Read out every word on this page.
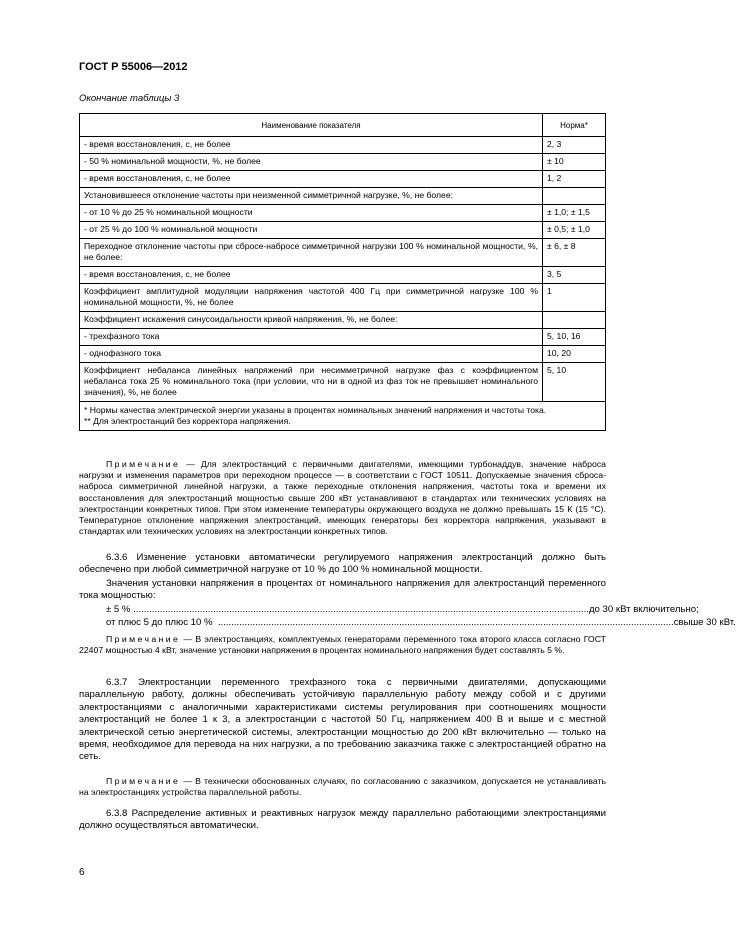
ГОСТ Р 55006—2012
Окончание таблицы 3
Наименование показателя	Норма*
- время восстановления, с, не более	2, 3
- 50 % номинальной мощности, %, не более	± 10
- время восстановления, с, не более	1, 2
Установившееся отклонение частоты при неизменной симметричной нагрузке, %, не более:	
- от 10 % до 25 % номинальной мощности	± 1,0; ± 1,5
- от 25 % до 100 % номинальной мощности	± 0,5; ± 1,0
Переходное отклонение частоты при сбросе-набросе симметричной нагрузки 100 % номинальной мощности, %, не более:	± 6, ± 8
- время восстановления, с, не более	3, 5
Коэффициент амплитудной модуляции напряжения частотой 400 Гц при симметричной нагрузке 100 % номинальной мощности, %, не более	1
Коэффициент искажения синусоидальности кривой напряжения, %, не более:	
- трехфазного тока	5, 10, 16
- однофазного тока	10, 20
Коэффициент небаланса линейных напряжений при несимметричной нагрузке фаз с коэффициентом небаланса тока 25 % номинального тока (при условии, что ни в одной из фаз ток не превышает номинального значения), %, не более	5, 10

* Нормы качества электрической энергии указаны в процентах номинальных значений напряжения и частоты тока.
** Для электростанций без корректора напряжения.	
Примечание — Для электростанций с первичными двигателями, имеющими турбонаддув, значение наброса нагрузки и изменения параметров при переходном процессе — в соответствии с ГОСТ 10511. Допускаемые значения сброса-наброса симметричной линейной нагрузки, а также переходные отклонения напряжения, частоты тока и времени их восстановления для электростанций мощностью свыше 200 кВт устанавливают в стандартах или технических условиях на электростанции конкретных типов. При этом изменение температуры окружающего воздуха не должно превышать 15 К (15 °С). Температурное отклонение напряжения электростанций, имеющих генераторы без корректора напряжения, указывают в стандартах или технических условиях на электростанции конкретных типов.
6.3.6 Изменение установки автоматически регулируемого напряжения электростанций должно быть обеспечено при любой симметричной нагрузке от 10 % до 100 % номинальной мощности.
Значения установки напряжения в процентах от номинального напряжения для электростанций переменного тока мощностью:
± 5 % ........................................................................................................................................................................... до 30 кВт включительно;
от плюс 5 до плюс 10 % ........................................................................................................................................................................... свыше 30 кВт.
Примечание — В электростанциях, комплектуемых генераторами переменного тока второго класса согласно ГОСТ 22407 мощностью 4 кВт, значение установки напряжения в процентах номинального напряжения будет составлять 5 %.
6.3.7 Электростанции переменного трехфазного тока с первичными двигателями, допускающими параллельную работу, должны обеспечивать устойчивую параллельную работу между собой и с другими электростанциями с аналогичными характеристиками системы регулирования при соотношениях мощности электростанций не более 1 к 3, а электростанции с частотой 50 Гц, напряжением 400 В и выше и с местной электрической сетью энергетической системы, электростанции мощностью до 200 кВт включительно — только на время, необходимое для перевода на них нагрузки, а по требованию заказчика также с электростанцией обратно на сеть.
Примечание — В технически обоснованных случаях, по согласованию с заказчиком, допускается не устанавливать на электростанциях устройства параллельной работы.
6.3.8 Распределение активных и реактивных нагрузок между параллельно работающими электростанциями должно осуществляться автоматически.
6
